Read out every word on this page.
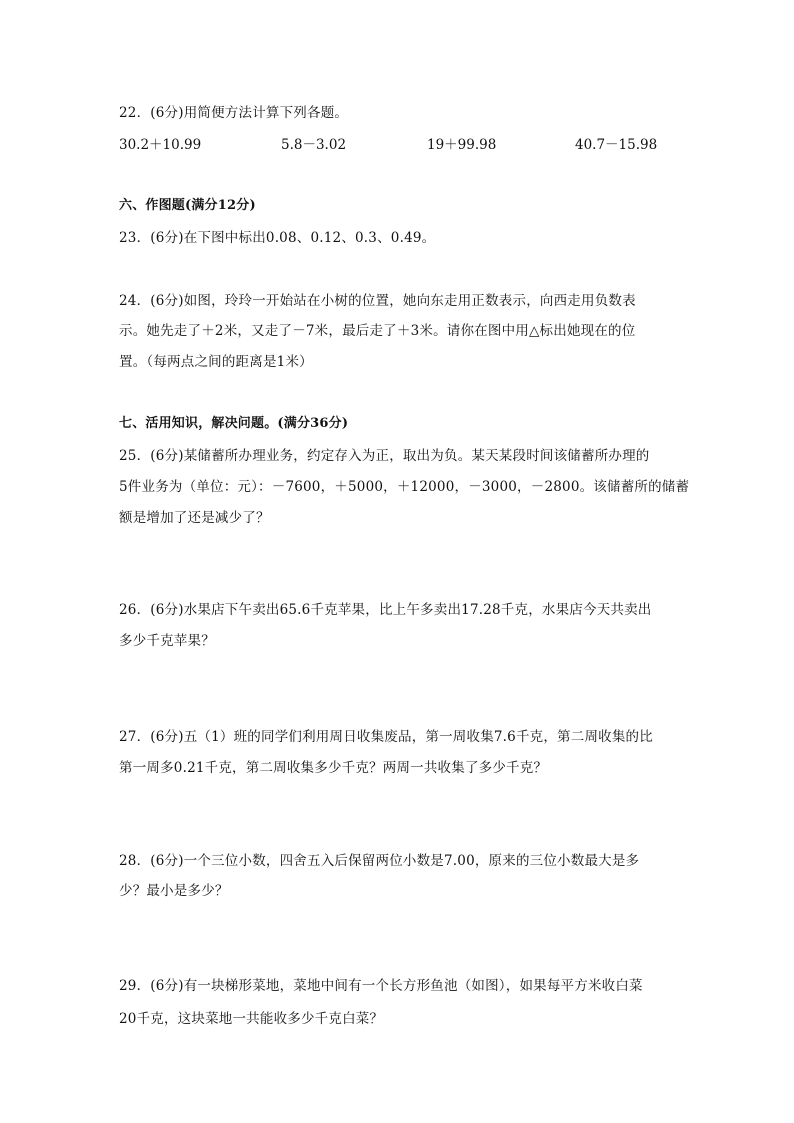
22．(6分)用简便方法计算下列各题。
30.2＋10.99	5.8－3.02	19＋99.98	40.7－15.98
六、作图题(满分12分)
23．(6分)在下图中标出0.08、0.12、0.3、0.49。
24．(6分)如图，玲玲一开始站在小树的位置，她向东走用正数表示，向西走用负数表
示。她先走了＋2米，又走了－7米，最后走了＋3米。请你在图中用△标出她现在的位
置。（每两点之间的距离是1米）
七、活用知识，解决问题。(满分36分)
25．(6分)某储蓄所办理业务，约定存入为正，取出为负。某天某段时间该储蓄所办理的
5件业务为（单位：元）：－7600，＋5000，＋12000，－3000，－2800。该储蓄所的储蓄
额是增加了还是减少了？
26．(6分)水果店下午卖出65.6千克苹果，比上午多卖出17.28千克，水果店今天共卖出
多少千克苹果？
27．(6分)五（1）班的同学们利用周日收集废品，第一周收集7.6千克，第二周收集的比
第一周多0.21千克，第二周收集多少千克？两周一共收集了多少千克？
28．(6分)一个三位小数，四舍五入后保留两位小数是7.00，原来的三位小数最大是多
少？最小是多少？
29．(6分)有一块梯形菜地，菜地中间有一个长方形鱼池（如图），如果每平方米收白菜
20千克，这块菜地一共能收多少千克白菜？
